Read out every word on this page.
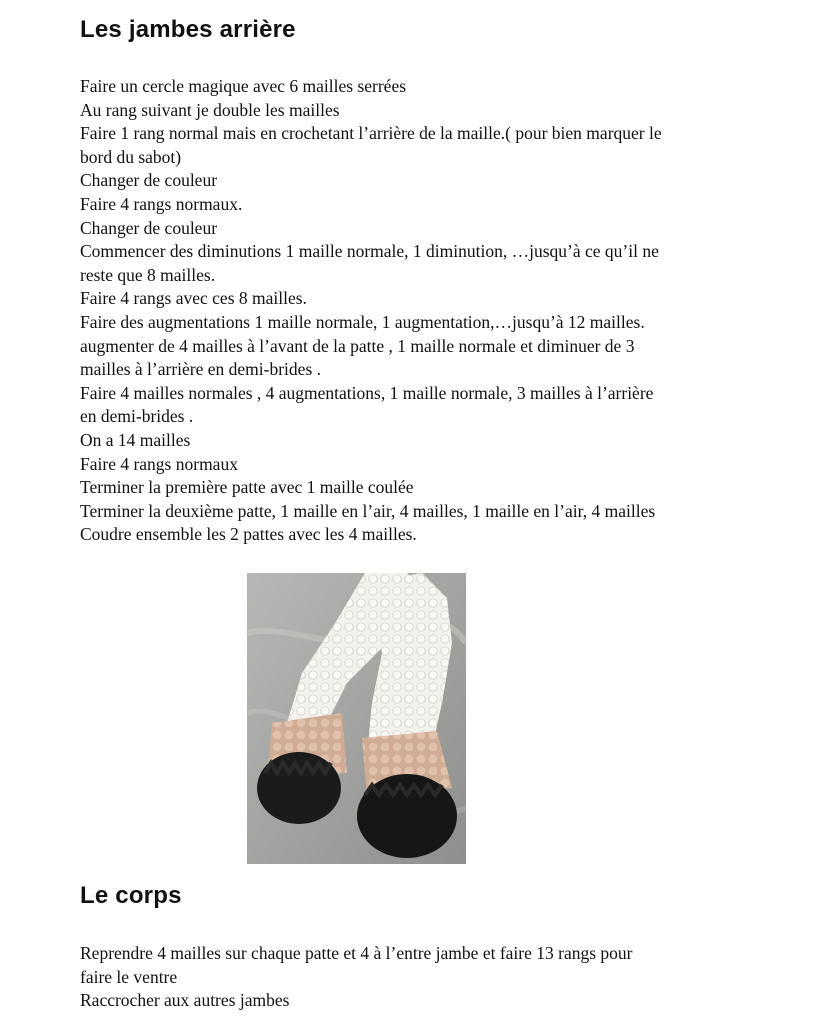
Les jambes arrière
Faire un cercle magique avec 6 mailles serrées
Au rang suivant je double les mailles
Faire 1 rang normal mais en crochetant l’arrière de la maille.( pour bien marquer le
bord du sabot)
Changer de couleur
Faire 4 rangs normaux.
Changer de couleur
Commencer des diminutions 1 maille normale, 1 diminution, …jusqu’à ce qu’il ne
reste que 8 mailles.
Faire 4 rangs avec ces 8 mailles.
Faire des augmentations 1 maille normale, 1 augmentation,…jusqu’à 12 mailles.
augmenter de 4 mailles à l’avant de la patte , 1 maille normale et diminuer de 3
mailles à l’arrière en demi-brides .
Faire 4 mailles normales , 4 augmentations, 1 maille normale, 3 mailles à l’arrière
en demi-brides .
On a 14 mailles
Faire 4 rangs normaux
Terminer la première patte avec 1 maille coulée
Terminer la deuxième patte, 1 maille en l’air, 4 mailles, 1 maille en l’air, 4 mailles
Coudre ensemble les 2 pattes avec les 4 mailles.
Le corps
Reprendre 4 mailles sur chaque patte et 4 à l’entre jambe et faire 13 rangs pour
faire le ventre
Raccrocher aux autres jambes
